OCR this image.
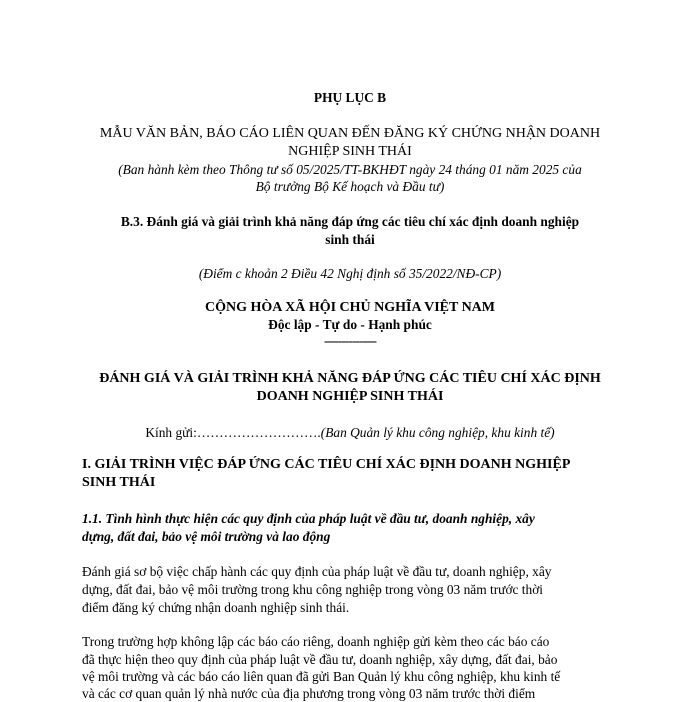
PHỤ LỤC B
MẪU VĂN BẢN, BÁO CÁO LIÊN QUAN ĐẾN ĐĂNG KÝ CHỨNG NHẬN DOANH
NGHIỆP SINH THÁI
(Ban hành kèm theo Thông tư số 05/2025/TT-BKHĐT ngày 24 tháng 01 năm 2025 của
Bộ trưởng Bộ Kế hoạch và Đầu tư)
B.3. Đánh giá và giải trình khả năng đáp ứng các tiêu chí xác định doanh nghiệp
sinh thái
(Điểm c khoản 2 Điều 42 Nghị định số 35/2022/NĐ-CP)
CỘNG HÒA XÃ HỘI CHỦ NGHĨA VIỆT NAM
Độc lập - Tự do - Hạnh phúc
---------------
ĐÁNH GIÁ VÀ GIẢI TRÌNH KHẢ NĂNG ĐÁP ỨNG CÁC TIÊU CHÍ XÁC ĐỊNH
DOANH NGHIỆP SINH THÁI
Kính gửi:……………………….(Ban Quản lý khu công nghiệp, khu kinh tế)
I. GIẢI TRÌNH VIỆC ĐÁP ỨNG CÁC TIÊU CHÍ XÁC ĐỊNH DOANH NGHIỆP
SINH THÁI
1.1. Tình hình thực hiện các quy định của pháp luật về đầu tư, doanh nghiệp, xây
dựng, đất đai, bảo vệ môi trường và lao động
Đánh giá sơ bộ việc chấp hành các quy định của pháp luật về đầu tư, doanh nghiệp, xây
dựng, đất đai, bảo vệ môi trường trong khu công nghiệp trong vòng 03 năm trước thời
điểm đăng ký chứng nhận doanh nghiệp sinh thái.
Trong trường hợp không lập các báo cáo riêng, doanh nghiệp gửi kèm theo các báo cáo
đã thực hiện theo quy định của pháp luật về đầu tư, doanh nghiệp, xây dựng, đất đai, bảo
vệ môi trường và các báo cáo liên quan đã gửi Ban Quản lý khu công nghiệp, khu kinh tế
và các cơ quan quản lý nhà nước của địa phương trong vòng 03 năm trước thời điểm
